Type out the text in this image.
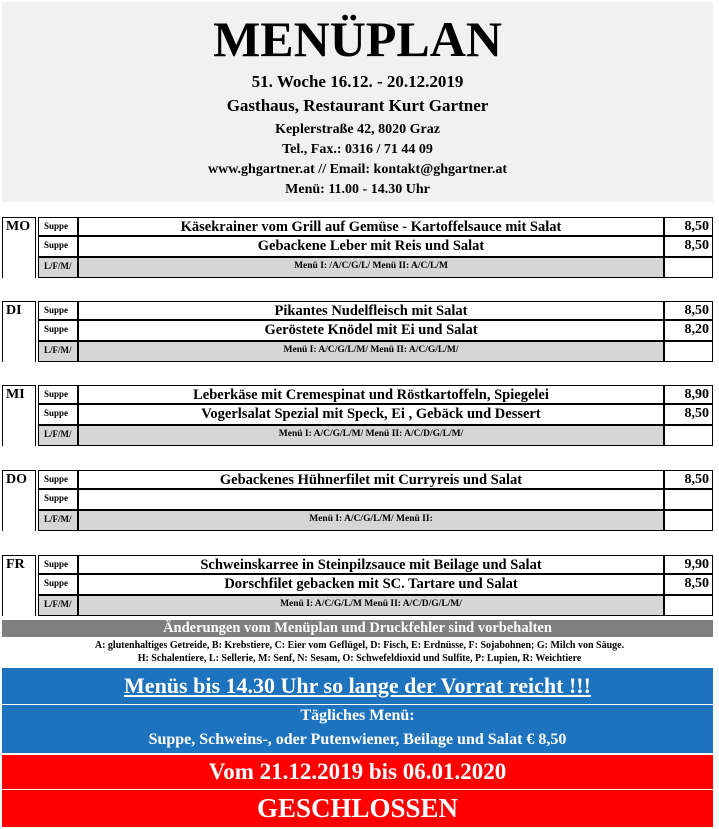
MENÜPLAN
51. Woche 16.12. - 20.12.2019
Gasthaus, Restaurant Kurt Gartner
Keplerstraße 42, 8020 Graz
Tel., Fax.: 0316 / 71 44 09
www.ghgartner.at // Email: kontakt@ghgartner.at
Menü: 11.00 - 14.30 Uhr
MO	Suppe	Käsekrainer vom Grill auf Gemüse - Kartoffelsauce mit Salat	8,50
Suppe	Gebackene Leber mit Reis und Salat	8,50
L/F/M/	Menü I: /A/C/G/L/ Menü II: A/C/L/M
DI	Suppe	Pikantes Nudelfleisch mit Salat	8,50
Suppe	Geröstete Knödel mit Ei und Salat	8,20
L/F/M/	Menü I: A/C/G/L/M/ Menü II: A/C/G/L/M/
MI	Suppe	Leberkäse mit Cremespinat und Röstkartoffeln, Spiegelei	8,90
Suppe	Vogerlsalat Spezial mit Speck, Ei , Gebäck und Dessert	8,50
L/F/M/	Menü I: A/C/G/L/M/ Menü II: A/C/D/G/L/M/
DO	Suppe	Gebackenes Hühnerfilet mit Curryreis und Salat	8,50
Suppe
L/F/M/	Menü I: A/C/G/L/M/ Menü II:
FR	Suppe	Schweinskarree in Steinpilzsauce mit Beilage und Salat	9,90
Suppe	Dorschfilet gebacken mit SC. Tartare und Salat	8,50
L/F/M/	Menü I: A/C/G/L/M Menü II: A/C/D/G/L/M/
Änderungen vom Menüplan und Druckfehler sind vorbehalten
A: glutenhaltiges Getreide, B: Krebstiere, C: Eier vom Geflügel, D: Fisch, E: Erdnüsse, F: Sojabohnen; G: Milch von Säuge.
H: Schalentiere, L: Sellerie, M: Senf, N: Sesam, O: Schwefeldioxid und Sulfite, P: Lupien, R: Weichtiere
Menüs bis 14.30 Uhr so lange der Vorrat reicht !!!
Tägliches Menü:
Suppe, Schweins-, oder Putenwiener, Beilage und Salat € 8,50
Vom 21.12.2019 bis 06.01.2020
GESCHLOSSEN
